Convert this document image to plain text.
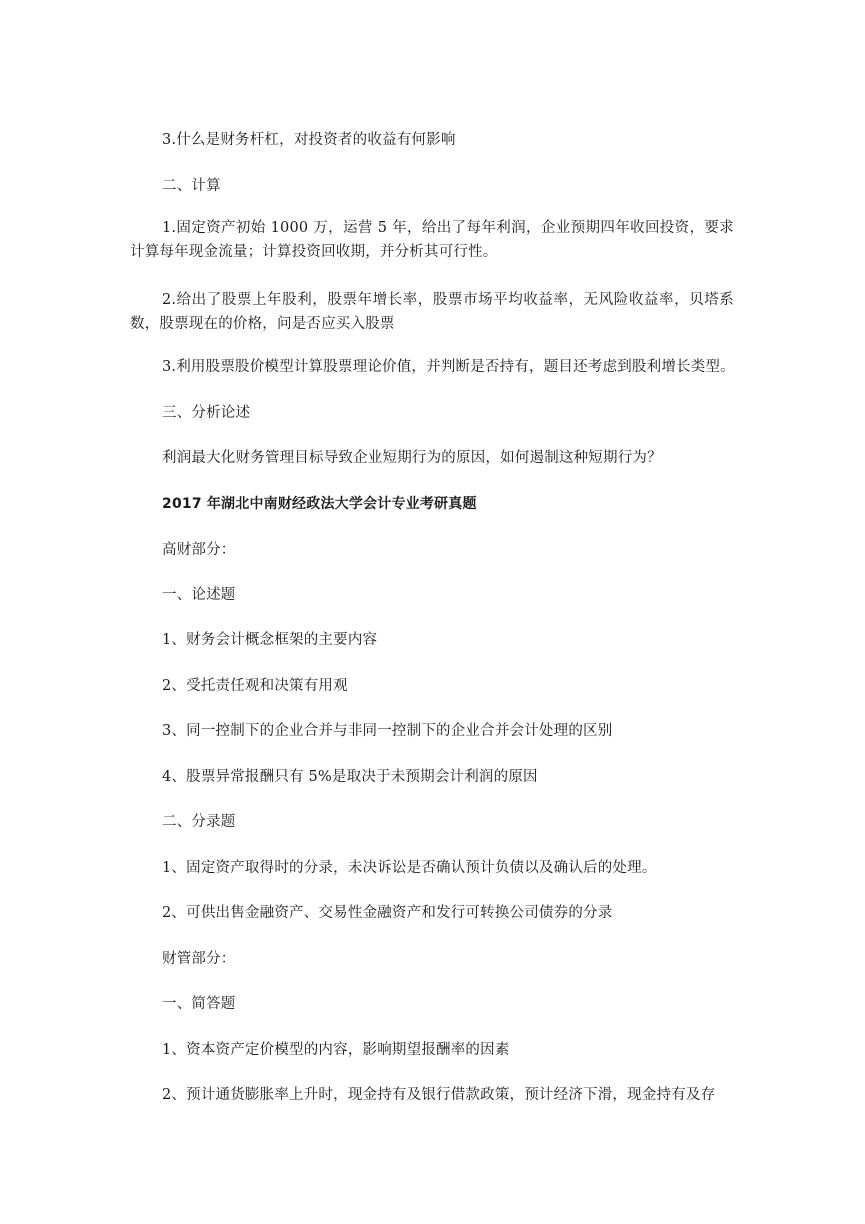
3.什么是财务杆杠，对投资者的收益有何影响
二、计算
1.固定资产初始 1000 万，运营 5 年，给出了每年利润，企业预期四年收回投资，要求计算每年现金流量；计算投资回收期，并分析其可行性。
2.给出了股票上年股利，股票年增长率，股票市场平均收益率，无风险收益率，贝塔系数，股票现在的价格，问是否应买入股票
3.利用股票股价模型计算股票理论价值，并判断是否持有，题目还考虑到股利增长类型。
三、分析论述
利润最大化财务管理目标导致企业短期行为的原因，如何遏制这种短期行为？
2017 年湖北中南财经政法大学会计专业考研真题
高财部分：
一、论述题
1、财务会计概念框架的主要内容
2、受托责任观和决策有用观
3、同一控制下的企业合并与非同一控制下的企业合并会计处理的区别
4、股票异常报酬只有 5%是取决于未预期会计利润的原因
二、分录题
1、固定资产取得时的分录，未决诉讼是否确认预计负债以及确认后的处理。
2、可供出售金融资产、交易性金融资产和发行可转换公司债券的分录
财管部分：
一、简答题
1、资本资产定价模型的内容，影响期望报酬率的因素
2、预计通货膨胀率上升时，现金持有及银行借款政策，预计经济下滑，现金持有及存
